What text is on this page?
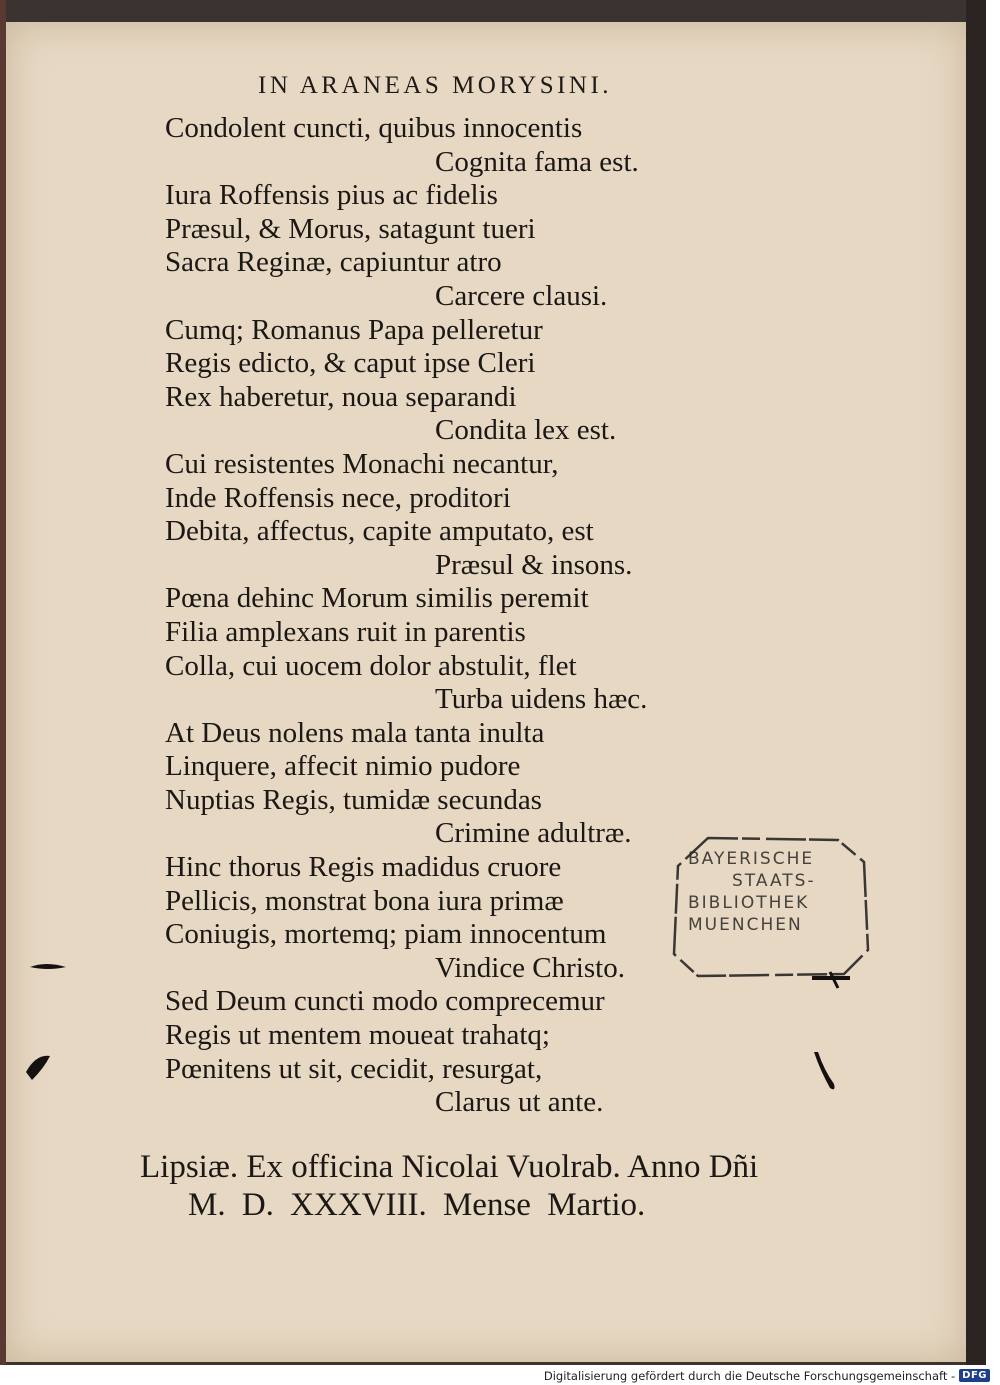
IN ARANEAS MORYSINI.
Condolent cuncti, quibus innocentis
Cognita fama est.
Iura Roffensis pius ac fidelis
Præsul, & Morus, satagunt tueri
Sacra Reginæ, capiuntur atro
Carcere clausi.
Cumq; Romanus Papa pelleretur
Regis edicto, & caput ipse Cleri
Rex haberetur, noua separandi
Condita lex est.
Cui resistentes Monachi necantur,
Inde Roffensis nece, proditori
Debita, affectus, capite amputato, est
Præsul & insons.
Pœna dehinc Morum similis peremit
Filia amplexans ruit in parentis
Colla, cui uocem dolor abstulit, flet
Turba uidens hæc.
At Deus nolens mala tanta inulta
Linquere, affecit nimio pudore
Nuptias Regis, tumidæ secundas
Crimine adultræ.
Hinc thorus Regis madidus cruore
Pellicis, monstrat bona iura primæ
Coniugis, mortemq; piam innocentum
Vindice Christo.
Sed Deum cuncti modo comprecemur
Regis ut mentem moueat trahatq;
Pœnitens ut sit, cecidit, resurgat,
Clarus ut ante.
Lipsiæ. Ex officina Nicolai Vuolrab. Anno Dñi
M. D. XXXVIII. Mense Martio.
BAYERISCHE
STAATS-
BIBLIOTHEK
MUENCHEN
Digitalisierung gefördert durch die Deutsche Forschungsgemeinschaft - DFG
